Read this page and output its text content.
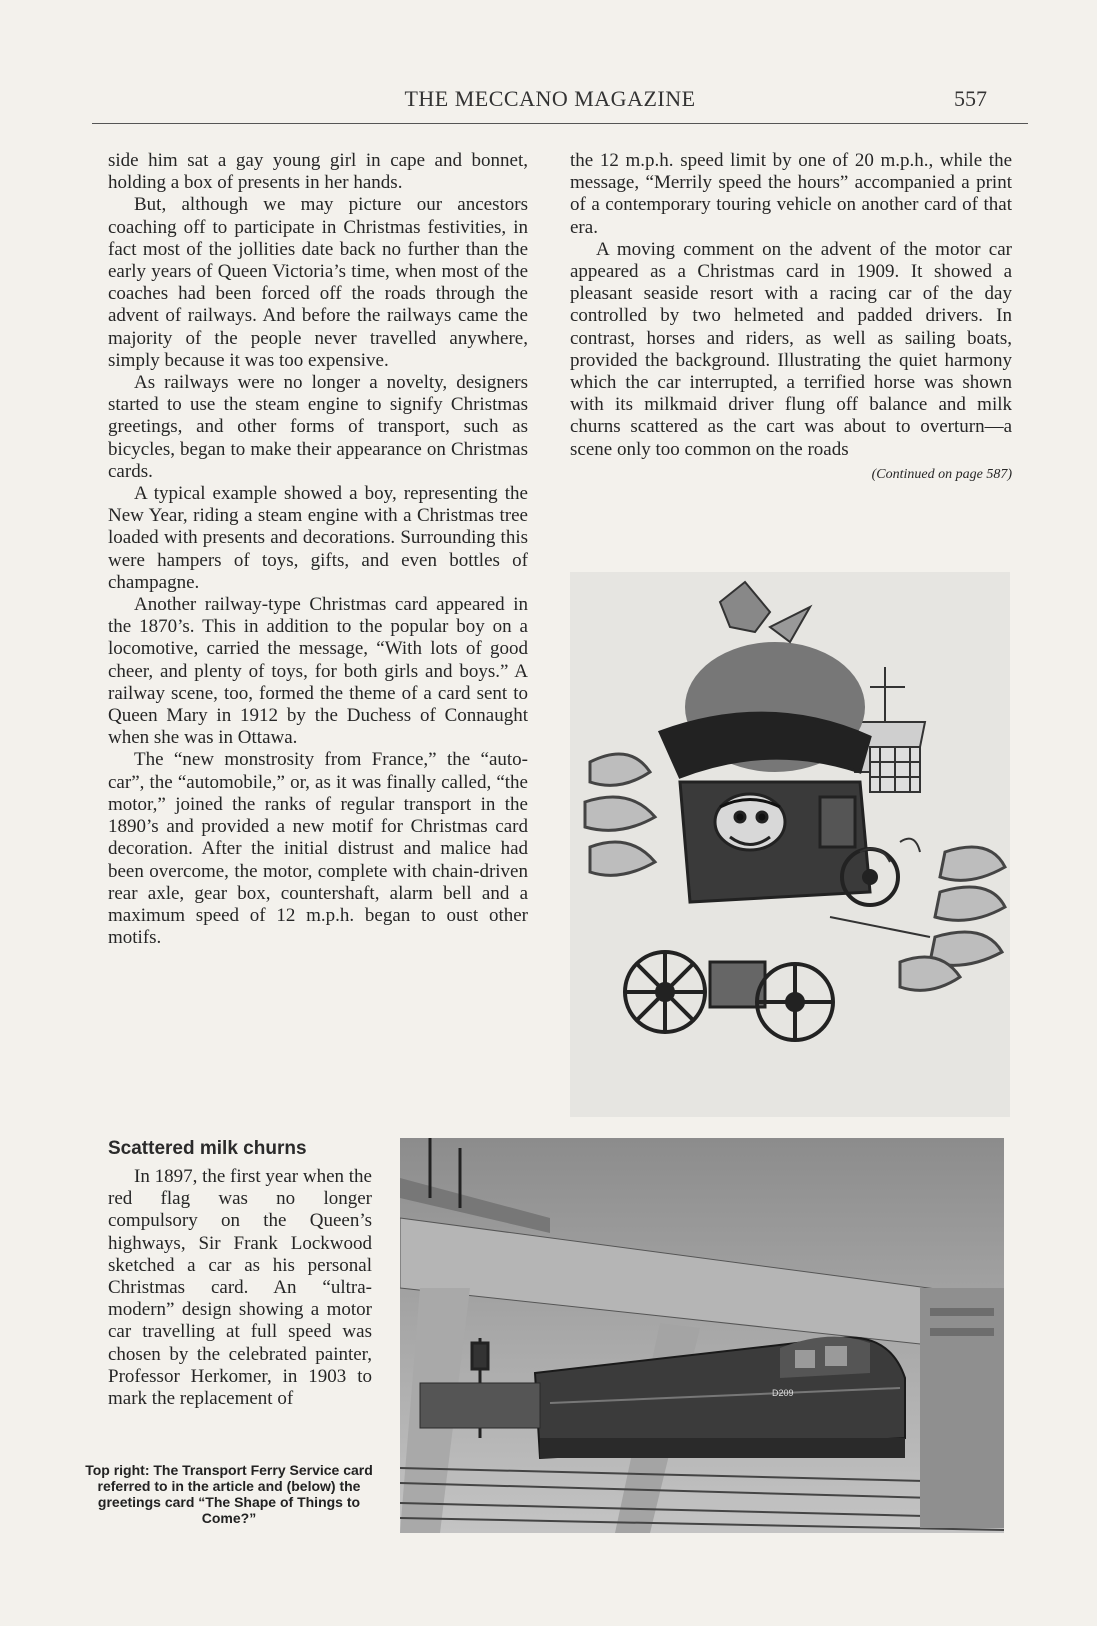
THE MECCANO MAGAZINE	557

side him sat a gay young girl in cape and bonnet, holding a box of presents in her hands.

But, although we may picture our ancestors coaching off to participate in Christmas festivities, in fact most of the jollities date back no further than the early years of Queen Victoria’s time, when most of the coaches had been forced off the roads through the advent of railways. And before the railways came the majority of the people never travelled anywhere, simply because it was too expensive.

As railways were no longer a novelty, designers started to use the steam engine to signify Christmas greetings, and other forms of transport, such as bicycles, began to make their appearance on Christmas cards.

A typical example showed a boy, representing the New Year, riding a steam engine with a Christmas tree loaded with presents and decorations. Surrounding this were hampers of toys, gifts, and even bottles of champagne.

Another railway-type Christmas card appeared in the 1870’s. This in addition to the popular boy on a locomotive, carried the message, “With lots of good cheer, and plenty of toys, for both girls and boys.” A railway scene, too, formed the theme of a card sent to Queen Mary in 1912 by the Duchess of Connaught when she was in Ottawa.

The “new monstrosity from France,” the “auto-car”, the “automobile,” or, as it was finally called, “the motor,” joined the ranks of regular transport in the 1890’s and provided a new motif for Christmas card decoration. After the initial distrust and malice had been overcome, the motor, complete with chain-driven rear axle, gear box, countershaft, alarm bell and a maximum speed of 12 m.p.h. began to oust other motifs.

the 12 m.p.h. speed limit by one of 20 m.p.h., while the message, “Merrily speed the hours” accompanied a print of a contemporary touring vehicle on another card of that era.

A moving comment on the advent of the motor car appeared as a Christmas card in 1909. It showed a pleasant seaside resort with a racing car of the day controlled by two helmeted and padded drivers. In contrast, horses and riders, as well as sailing boats, provided the background. Illustrating the quiet harmony which the car interrupted, a terrified horse was shown with its milkmaid driver flung off balance and milk churns scattered as the cart was about to overturn—a scene only too common on the roads
(Continued on page 587)

Scattered milk churns

In 1897, the first year when the red flag was no longer compulsory on the Queen’s highways, Sir Frank Lockwood sketched a car as his personal Christmas card. An “ultra-modern” design showing a motor car travelling at full speed was chosen by the celebrated painter, Professor Herkomer, in 1903 to mark the replacement of	D209
Top right: The Transport Ferry Service card referred to in the article and (below) the greetings card “The Shape of Things to Come?”
